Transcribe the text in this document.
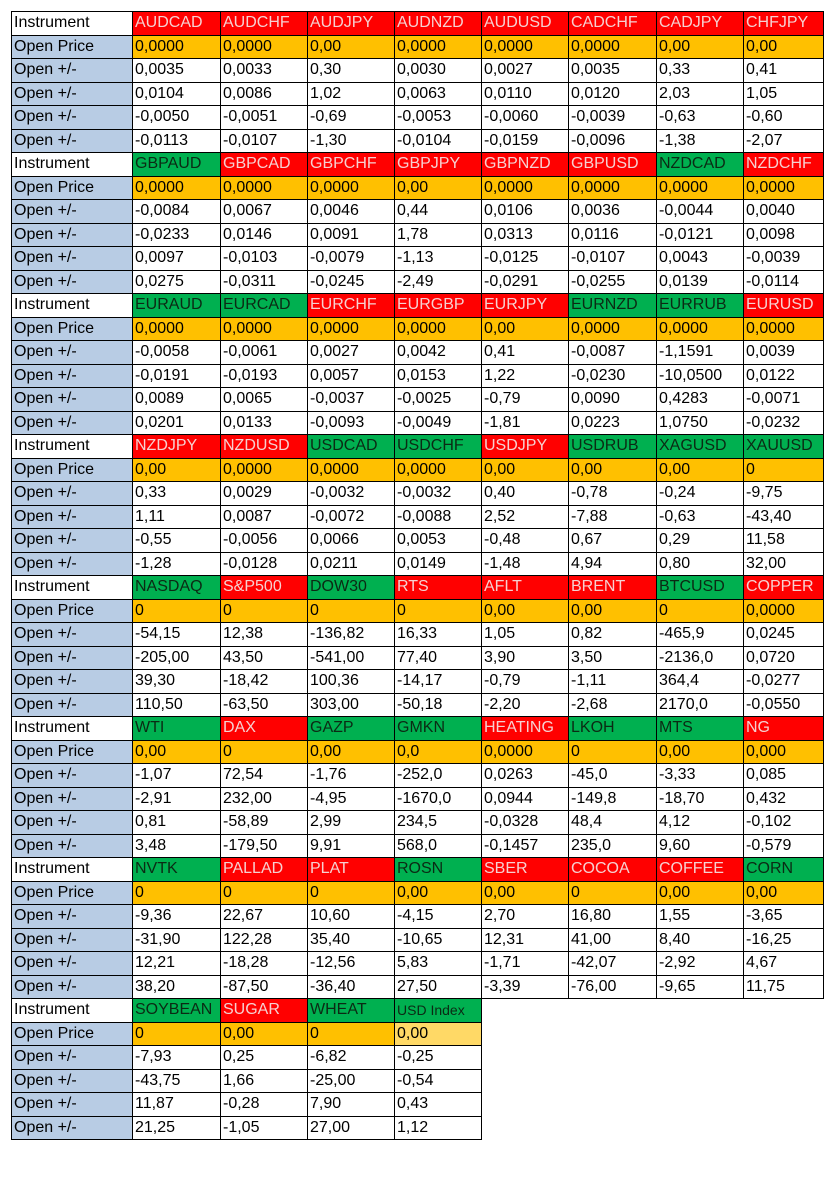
Instrument	AUDCAD	AUDCHF	AUDJPY	AUDNZD	AUDUSD	CADCHF	CADJPY	CHFJPY
Open Price	0,0000	0,0000	0,00	0,0000	0,0000	0,0000	0,00	0,00
Open +/-	0,0035	0,0033	0,30	0,0030	0,0027	0,0035	0,33	0,41
Open +/-	0,0104	0,0086	1,02	0,0063	0,0110	0,0120	2,03	1,05
Open +/-	-0,0050	-0,0051	-0,69	-0,0053	-0,0060	-0,0039	-0,63	-0,60
Open +/-	-0,0113	-0,0107	-1,30	-0,0104	-0,0159	-0,0096	-1,38	-2,07
Instrument	GBPAUD	GBPCAD	GBPCHF	GBPJPY	GBPNZD	GBPUSD	NZDCAD	NZDCHF
Open Price	0,0000	0,0000	0,0000	0,00	0,0000	0,0000	0,0000	0,0000
Open +/-	-0,0084	0,0067	0,0046	0,44	0,0106	0,0036	-0,0044	0,0040
Open +/-	-0,0233	0,0146	0,0091	1,78	0,0313	0,0116	-0,0121	0,0098
Open +/-	0,0097	-0,0103	-0,0079	-1,13	-0,0125	-0,0107	0,0043	-0,0039
Open +/-	0,0275	-0,0311	-0,0245	-2,49	-0,0291	-0,0255	0,0139	-0,0114
Instrument	EURAUD	EURCAD	EURCHF	EURGBP	EURJPY	EURNZD	EURRUB	EURUSD
Open Price	0,0000	0,0000	0,0000	0,0000	0,00	0,0000	0,0000	0,0000
Open +/-	-0,0058	-0,0061	0,0027	0,0042	0,41	-0,0087	-1,1591	0,0039
Open +/-	-0,0191	-0,0193	0,0057	0,0153	1,22	-0,0230	-10,0500	0,0122
Open +/-	0,0089	0,0065	-0,0037	-0,0025	-0,79	0,0090	0,4283	-0,0071
Open +/-	0,0201	0,0133	-0,0093	-0,0049	-1,81	0,0223	1,0750	-0,0232
Instrument	NZDJPY	NZDUSD	USDCAD	USDCHF	USDJPY	USDRUB	XAGUSD	XAUUSD
Open Price	0,00	0,0000	0,0000	0,0000	0,00	0,00	0,00	0
Open +/-	0,33	0,0029	-0,0032	-0,0032	0,40	-0,78	-0,24	-9,75
Open +/-	1,11	0,0087	-0,0072	-0,0088	2,52	-7,88	-0,63	-43,40
Open +/-	-0,55	-0,0056	0,0066	0,0053	-0,48	0,67	0,29	11,58
Open +/-	-1,28	-0,0128	0,0211	0,0149	-1,48	4,94	0,80	32,00
Instrument	NASDAQ	S&P500	DOW30	RTS	AFLT	BRENT	BTCUSD	COPPER
Open Price	0	0	0	0	0,00	0,00	0	0,0000
Open +/-	-54,15	12,38	-136,82	16,33	1,05	0,82	-465,9	0,0245
Open +/-	-205,00	43,50	-541,00	77,40	3,90	3,50	-2136,0	0,0720
Open +/-	39,30	-18,42	100,36	-14,17	-0,79	-1,11	364,4	-0,0277
Open +/-	110,50	-63,50	303,00	-50,18	-2,20	-2,68	2170,0	-0,0550
Instrument	WTI	DAX	GAZP	GMKN	HEATING	LKOH	MTS	NG
Open Price	0,00	0	0,00	0,0	0,0000	0	0,00	0,000
Open +/-	-1,07	72,54	-1,76	-252,0	0,0263	-45,0	-3,33	0,085
Open +/-	-2,91	232,00	-4,95	-1670,0	0,0944	-149,8	-18,70	0,432
Open +/-	0,81	-58,89	2,99	234,5	-0,0328	48,4	4,12	-0,102
Open +/-	3,48	-179,50	9,91	568,0	-0,1457	235,0	9,60	-0,579
Instrument	NVTK	PALLAD	PLAT	ROSN	SBER	COCOA	COFFEE	CORN
Open Price	0	0	0	0,00	0,00	0	0,00	0,00
Open +/-	-9,36	22,67	10,60	-4,15	2,70	16,80	1,55	-3,65
Open +/-	-31,90	122,28	35,40	-10,65	12,31	41,00	8,40	-16,25
Open +/-	12,21	-18,28	-12,56	5,83	-1,71	-42,07	-2,92	4,67
Open +/-	38,20	-87,50	-36,40	27,50	-3,39	-76,00	-9,65	11,75
Instrument	SOYBEAN	SUGAR	WHEAT	USD Index				
Open Price	0	0,00	0	0,00				
Open +/-	-7,93	0,25	-6,82	-0,25				
Open +/-	-43,75	1,66	-25,00	-0,54				
Open +/-	11,87	-0,28	7,90	0,43				
Open +/-	21,25	-1,05	27,00	1,12				
